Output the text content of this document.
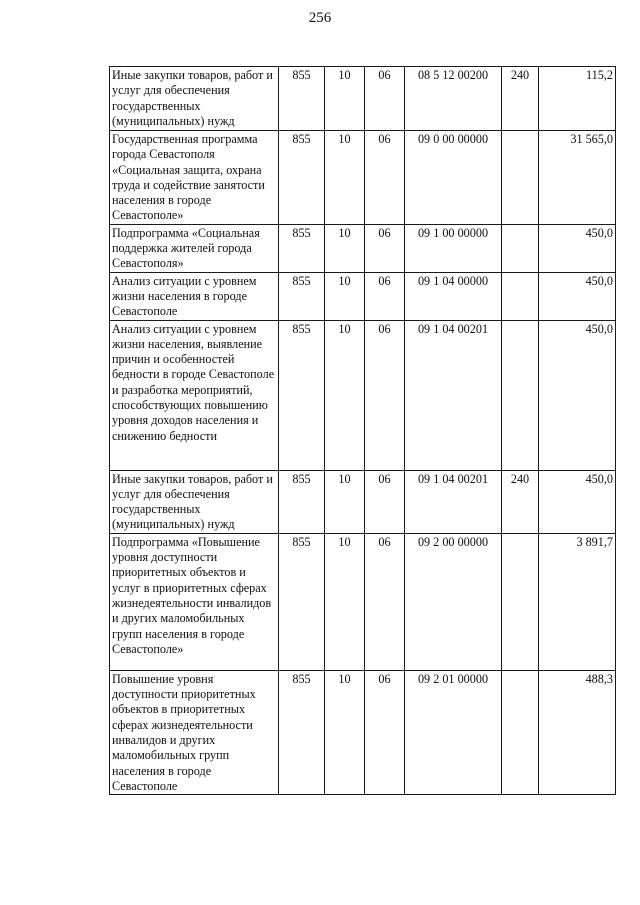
256
Иные закупки товаров, работ и услуг для обеспечения государственных (муниципальных) нужд	855	10	06	08 5 12 00200	240	115,2
Государственная программа города Севастополя «Социальная защита, охрана труда и содействие занятости населения в городе Севастополе»	855	10	06	09 0 00 00000		31 565,0
Подпрограмма «Социальная поддержка жителей города Севастополя»	855	10	06	09 1 00 00000		450,0
Анализ ситуации с уровнем жизни населения в городе Севастополе	855	10	06	09 1 04 00000		450,0
Анализ ситуации с уровнем жизни населения, выявление причин и особенностей бедности в городе Севастополе и разработка мероприятий, способствующих повышению уровня доходов населения и снижению бедности	855	10	06	09 1 04 00201		450,0
Иные закупки товаров, работ и услуг для обеспечения государственных (муниципальных) нужд	855	10	06	09 1 04 00201	240	450,0
Подпрограмма «Повышение уровня доступности приоритетных объектов и услуг в приоритетных сферах жизнедеятельности инвалидов и других маломобильных групп населения в городе Севастополе»	855	10	06	09 2 00 00000		3 891,7
Повышение уровня доступности приоритетных объектов в приоритетных сферах жизнедеятельности инвалидов и других маломобильных групп населения в городе Севастополе	855	10	06	09 2 01 00000		488,3
